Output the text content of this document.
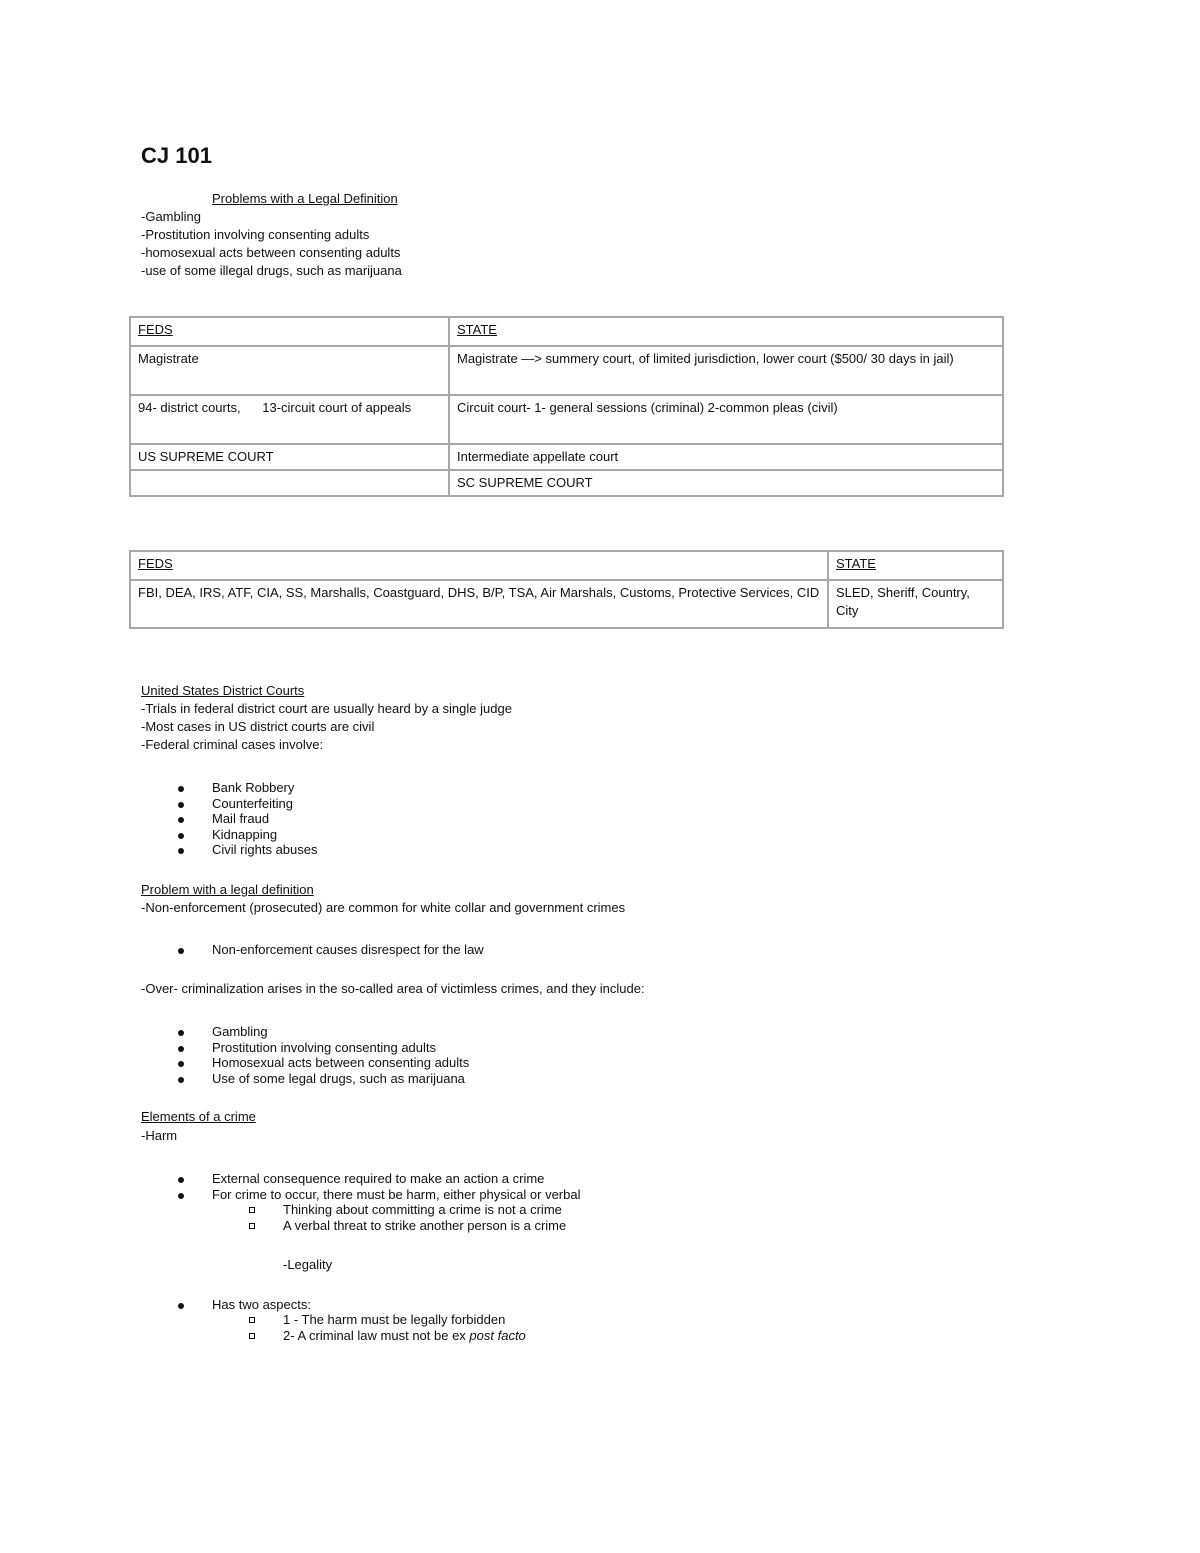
CJ 101
Problems with a Legal Definition
-Gambling
-Prostitution involving consenting adults
-homosexual acts between consenting adults
-use of some illegal drugs, such as marijuana
FEDS	STATE
Magistrate	Magistrate —> summery court, of limited jurisdiction, lower court ($500/ 30 days in jail)
94- district courts,      13-circuit court of appeals	Circuit court- 1- general sessions (criminal) 2-common pleas (civil)
US SUPREME COURT	Intermediate appellate court
	SC SUPREME COURT
FEDS	STATE
FBI, DEA, IRS, ATF, CIA, SS, Marshalls, Coastguard, DHS, B/P, TSA, Air Marshals, Customs, Protective Services, CID	SLED, Sheriff, Country, City
United States District Courts
-Trials in federal district court are usually heard by a single judge
-Most cases in US district courts are civil
-Federal criminal cases involve:
Bank Robbery
Counterfeiting
Mail fraud
Kidnapping
Civil rights abuses
Problem with a legal definition
-Non-enforcement (prosecuted) are common for white collar and government crimes
Non-enforcement causes disrespect for the law
-Over- criminalization arises in the so-called area of victimless crimes, and they include:
Gambling
Prostitution involving consenting adults
Homosexual acts between consenting adults
Use of some legal drugs, such as marijuana
Elements of a crime
-Harm
External consequence required to make an action a crime
For crime to occur, there must be harm, either physical or verbal
Thinking about committing a crime is not a crime
A verbal threat to strike another person is a crime
-Legality
Has two aspects:
1 - The harm must be legally forbidden
2- A criminal law must not be ex post facto
